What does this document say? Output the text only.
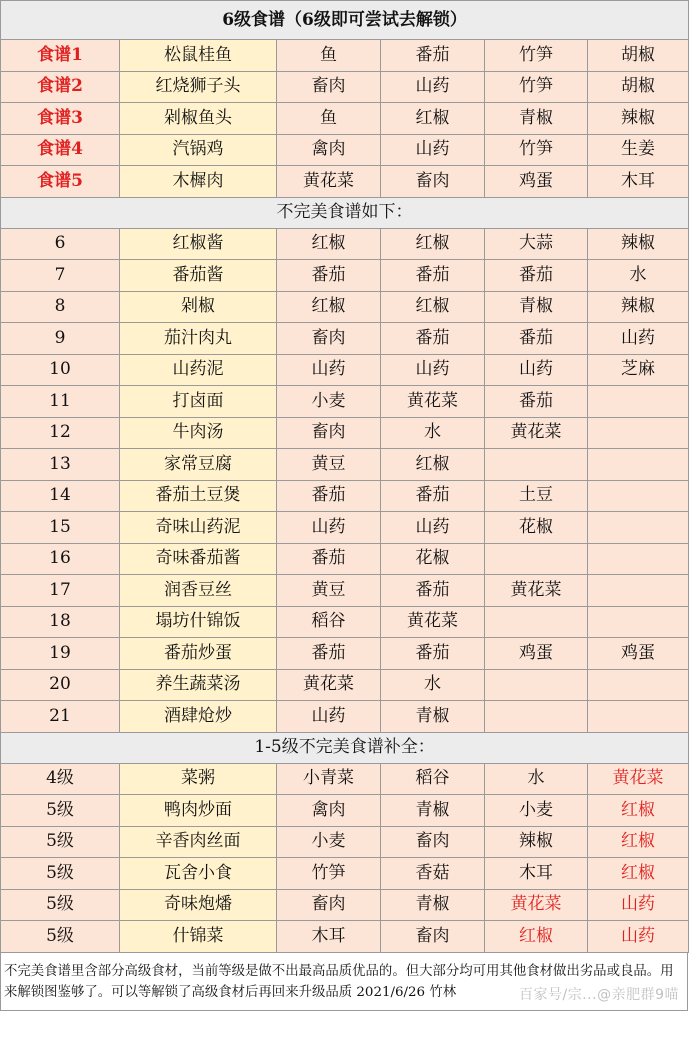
6级食谱（6级即可尝试去解锁）					
食谱1	松鼠桂鱼	鱼	番茄	竹笋	胡椒
食谱2	红烧狮子头	畜肉	山药	竹笋	胡椒
食谱3	剁椒鱼头	鱼	红椒	青椒	辣椒
食谱4	汽锅鸡	禽肉	山药	竹笋	生姜
食谱5	木樨肉	黄花菜	畜肉	鸡蛋	木耳
不完美食谱如下：					
6	红椒酱	红椒	红椒	大蒜	辣椒
7	番茄酱	番茄	番茄	番茄	水
8	剁椒	红椒	红椒	青椒	辣椒
9	茄汁肉丸	畜肉	番茄	番茄	山药
10	山药泥	山药	山药	山药	芝麻
11	打卤面	小麦	黄花菜	番茄	
12	牛肉汤	畜肉	水	黄花菜	
13	家常豆腐	黄豆	红椒		
14	番茄土豆煲	番茄	番茄	土豆	
15	奇味山药泥	山药	山药	花椒	
16	奇味番茄酱	番茄	花椒		
17	润香豆丝	黄豆	番茄	黄花菜	
18	塌坊什锦饭	稻谷	黄花菜		
19	番茄炒蛋	番茄	番茄	鸡蛋	鸡蛋
20	养生蔬菜汤	黄花菜	水		
21	酒肆炝炒	山药	青椒		
1-5级不完美食谱补全：					
4级	菜粥	小青菜	稻谷	水	黄花菜
5级	鸭肉炒面	禽肉	青椒	小麦	红椒
5级	辛香肉丝面	小麦	畜肉	辣椒	红椒
5级	瓦舍小食	竹笋	香菇	木耳	红椒
5级	奇味炮燔	畜肉	青椒	黄花菜	山药
5级	什锦菜	木耳	畜肉	红椒	山药
不完美食谱里含部分高级食材，当前等级是做不出最高品质优品的。但大部分均可用其他食材做出劣品或良品。用来解锁图鉴够了。可以等解锁了高级食材后再回来升级品质 2021/6/26 竹林	百家号/宗...@亲肥群9喵
